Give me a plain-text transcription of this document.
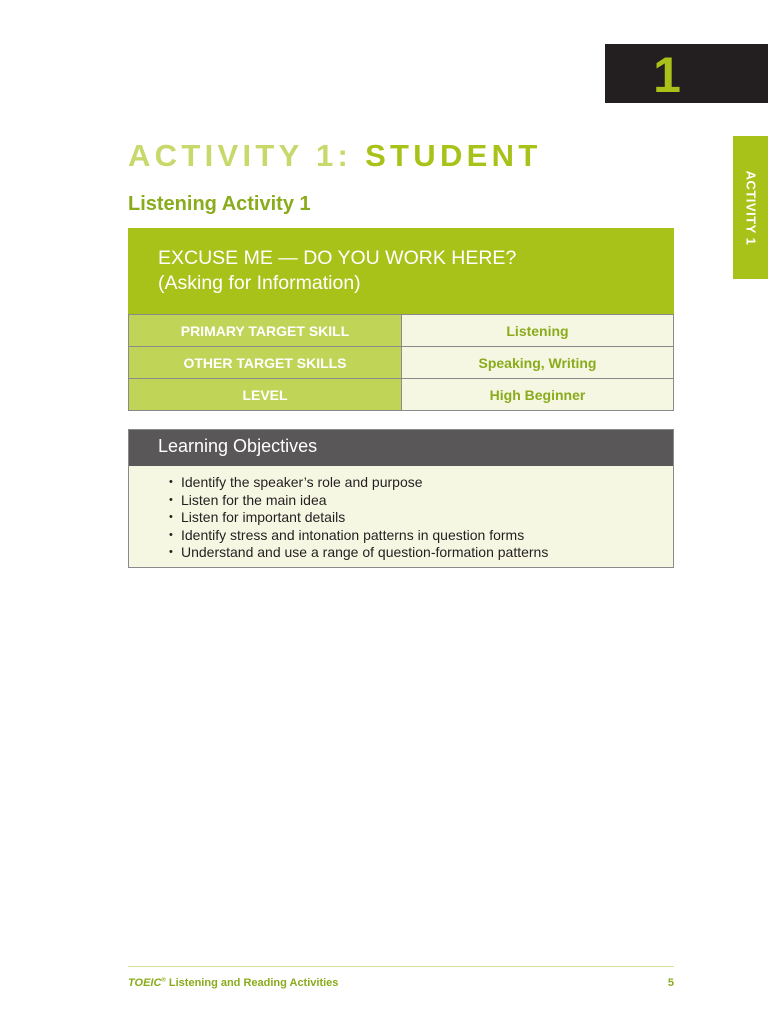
1
ACTIVITY 1
ACTIVITY 1: STUDENT
Listening Activity 1
EXCUSE ME — DO YOU WORK HERE?
(Asking for Information)
PRIMARY TARGET SKILL	Listening
OTHER TARGET SKILLS	Speaking, Writing
LEVEL	High Beginner
Learning Objectives
• Identify the speaker’s role and purpose
• Listen for the main idea
• Listen for important details
• Identify stress and intonation patterns in question forms
• Understand and use a range of question-formation patterns
TOEIC® Listening and Reading Activities	5
